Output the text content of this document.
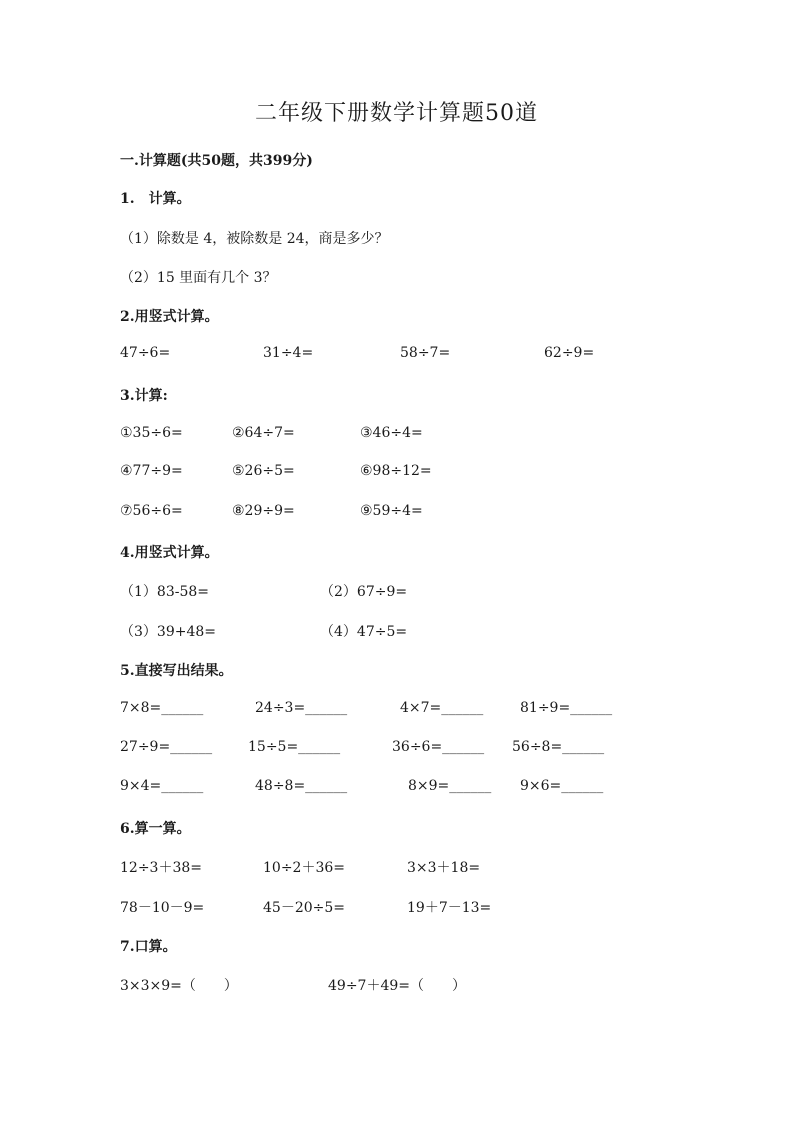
二年级下册数学计算题50道
一.计算题(共50题，共399分)
1.　计算。
（1）除数是 4，被除数是 24，商是多少？
（2）15 里面有几个 3？
2.用竖式计算。
47÷6=	31÷4=	58÷7=	62÷9=
3.计算:
①35÷6=	②64÷7=	③46÷4=
④77÷9=	⑤26÷5=	⑥98÷12=
⑦56÷6=	⑧29÷9=	⑨59÷4=
4.用竖式计算。
（1）83-58=	（2）67÷9=
（3）39+48=	（4）47÷5=
5.直接写出结果。
7×8=______	24÷3=______	4×7=______	81÷9=______
27÷9=______	15÷5=______	36÷6=______ 56÷8=______
9×4=______	48÷8=______	8×9=______ 9×6=______
6.算一算。
12÷3＋38=	10÷2＋36=	3×3＋18=
78－10－9=	45－20÷5=	19＋7－13=
7.口算。
3×3×9=（　　）	49÷7＋49=（　　）
